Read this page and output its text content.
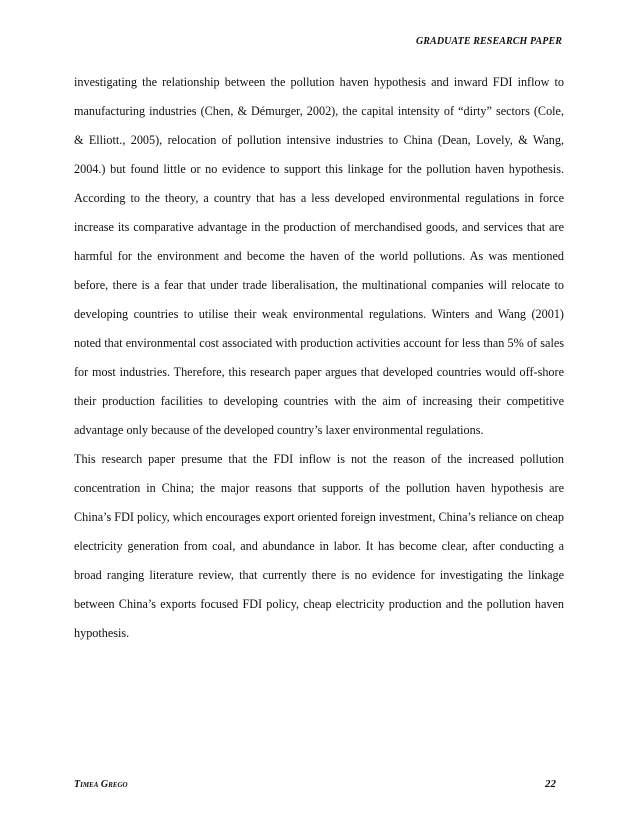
GRADUATE RESEARCH PAPER

investigating the relationship between the pollution haven hypothesis and inward FDI inflow to manufacturing industries (Chen, & Démurger, 2002), the capital intensity of “dirty” sectors (Cole, & Elliott., 2005), relocation of pollution intensive industries to China (Dean, Lovely, & Wang, 2004.) but found little or no evidence to support this linkage for the pollution haven hypothesis. According to the theory, a country that has a less developed environmental regulations in force increase its comparative advantage in the production of merchandised goods, and services that are harmful for the environment and become the haven of the world pollutions. As was mentioned before, there is a fear that under trade liberalisation, the multinational companies will relocate to developing countries to utilise their weak environmental regulations. Winters and Wang (2001) noted that environmental cost associated with production activities account for less than 5% of sales for most industries. Therefore, this research paper argues that developed countries would off-shore their production facilities to developing countries with the aim of increasing their competitive advantage only because of the developed country’s laxer environmental regulations.

This research paper presume that the FDI inflow is not the reason of the increased pollution concentration in China; the major reasons that supports of the pollution haven hypothesis are China’s FDI policy, which encourages export oriented foreign investment, China’s reliance on cheap electricity generation from coal, and abundance in labor. It has become clear, after conducting a broad ranging literature review, that currently there is no evidence for investigating the linkage between China’s exports focused FDI policy, cheap electricity production and the pollution haven hypothesis.

Timea Grego	22
